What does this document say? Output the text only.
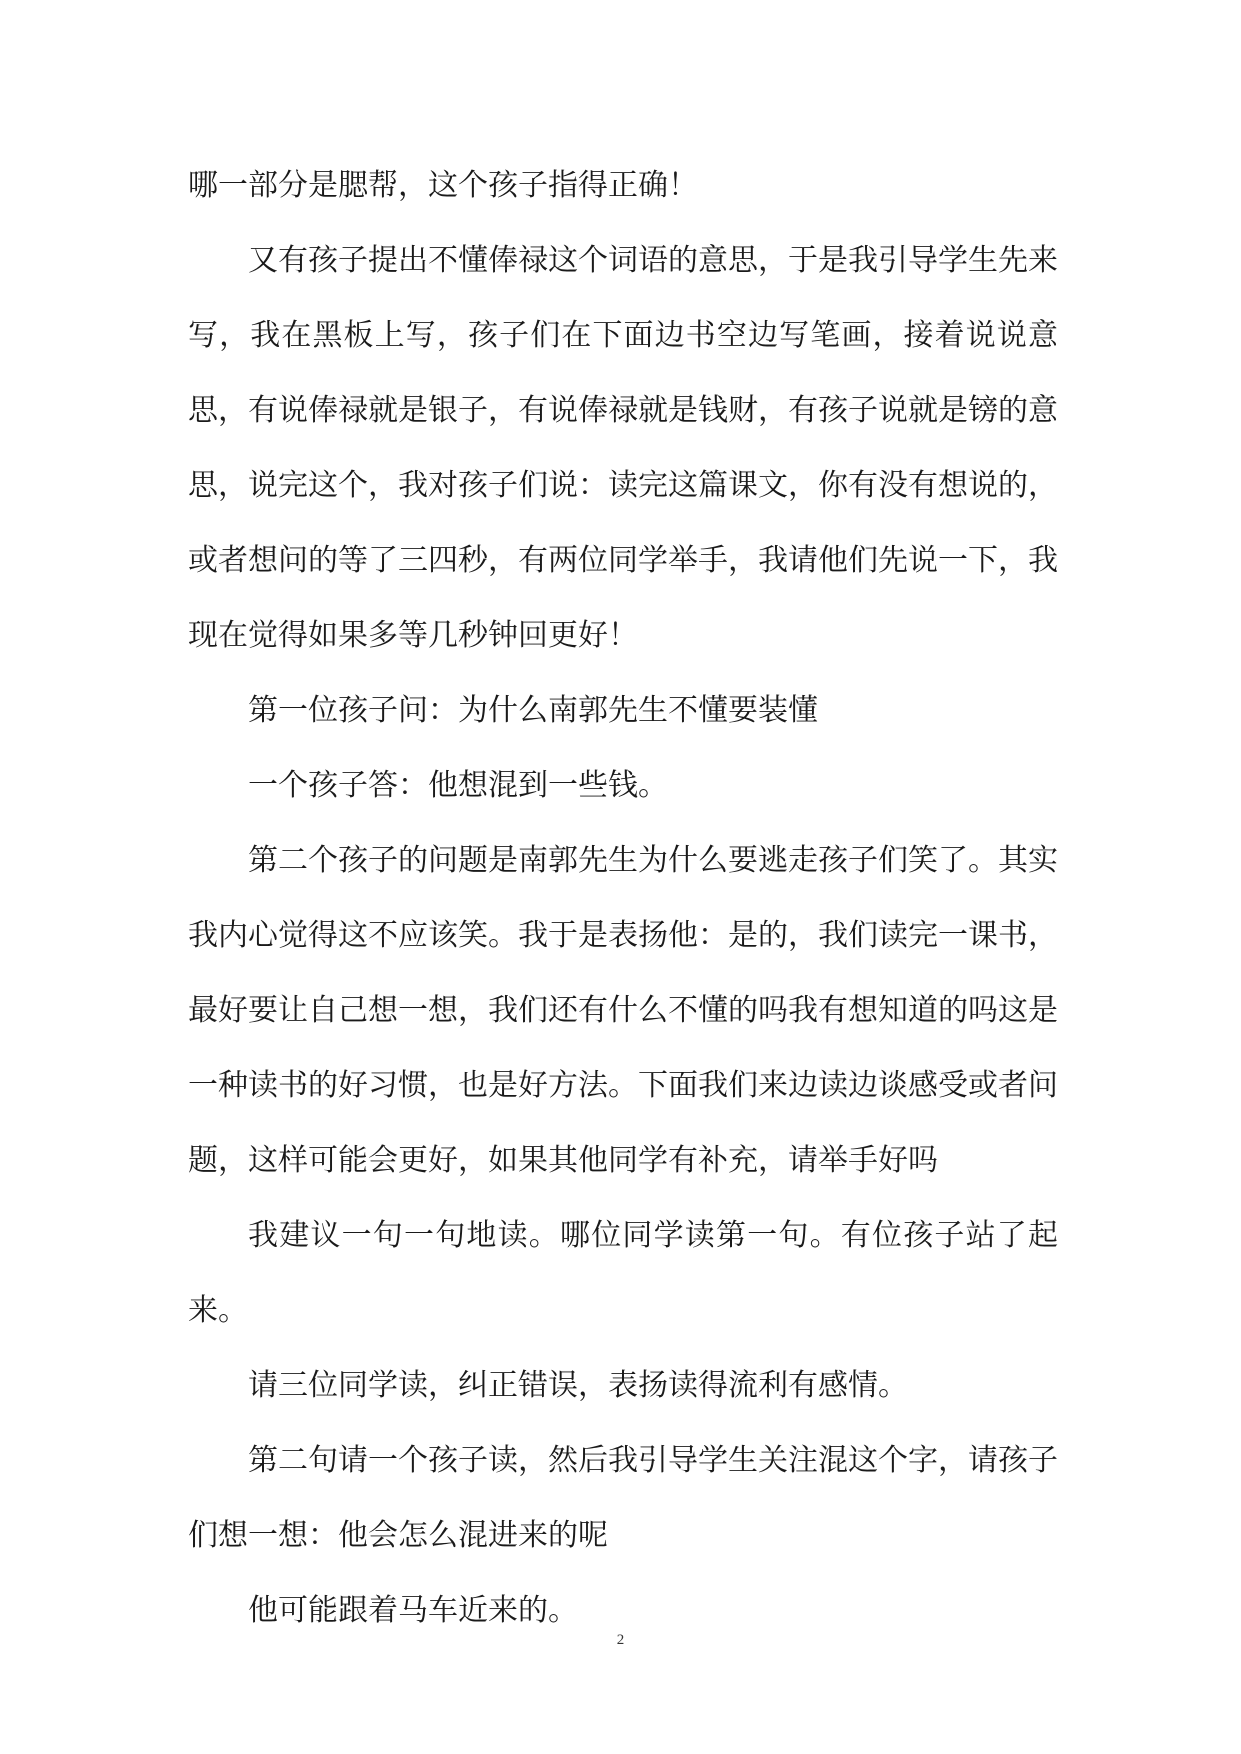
哪一部分是腮帮，这个孩子指得正确！

又有孩子提出不懂俸禄这个词语的意思，于是我引导学生先来写，我在黑板上写，孩子们在下面边书空边写笔画，接着说说意思，有说俸禄就是银子，有说俸禄就是钱财，有孩子说就是镑的意思，说完这个，我对孩子们说：读完这篇课文，你有没有想说的，或者想问的等了三四秒，有两位同学举手，我请他们先说一下，我现在觉得如果多等几秒钟回更好！

第一位孩子问：为什么南郭先生不懂要装懂

一个孩子答：他想混到一些钱。

第二个孩子的问题是南郭先生为什么要逃走孩子们笑了。其实我内心觉得这不应该笑。我于是表扬他：是的，我们读完一课书，最好要让自己想一想，我们还有什么不懂的吗我有想知道的吗这是一种读书的好习惯，也是好方法。下面我们来边读边谈感受或者问题，这样可能会更好，如果其他同学有补充，请举手好吗

我建议一句一句地读。哪位同学读第一句。有位孩子站了起来。

请三位同学读，纠正错误，表扬读得流利有感情。

第二句请一个孩子读，然后我引导学生关注混这个字，请孩子们想一想：他会怎么混进来的呢

他可能跟着马车近来的。

2
